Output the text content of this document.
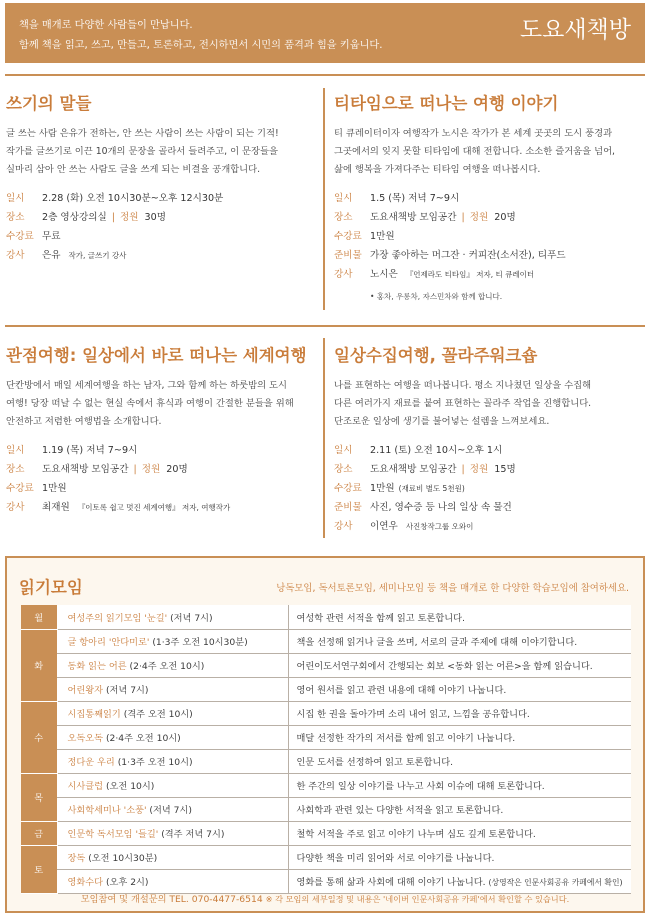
책을 매개로 다양한 사람들이 만납니다.
함께 책을 읽고, 쓰고, 만들고, 토론하고, 전시하면서 시민의 품격과 힘을 키웁니다.
도요새책방
쓰기의 말들
글 쓰는 사람 은유가 전하는, 안 쓰는 사람이 쓰는 사람이 되는 기적!
작가를 글쓰기로 이끈 10개의 문장을 골라서 들려주고, 이 문장들을
실마리 삼아 안 쓰는 사람도 글을 쓰게 되는 비결을 공개합니다.
일시	2.28 (화) 오전 10시30분~오후 12시30분
장소	2층 영상강의실 | 정원 30명
수강료 무료
강사	은유 작가, 글쓰기 강사
티타임으로 떠나는 여행 이야기
티 큐레이터이자 여행작가 노시은 작가가 본 세계 곳곳의 도시 풍경과
그곳에서의 잊지 못할 티타임에 대해 전합니다. 소소한 즐거움을 넘어,
삶에 행복을 가져다주는 티타임 여행을 떠나봅시다.
일시	1.5 (목) 저녁 7~9시
장소	도요새책방 모임공간 | 정원 20명
수강료 1만원
준비물 가장 좋아하는 머그잔 · 커피잔(소서잔), 티푸드
강사	노시은 『언제라도 티타임』 저자, 티 큐레이터
• 홍차, 우롱차, 자스민차와 함께 합니다.
관점여행: 일상에서 바로 떠나는 세계여행
단칸방에서 매일 세계여행을 하는 남자, 그와 함께 하는 하룻밤의 도시
여행! 당장 떠날 수 없는 현실 속에서 휴식과 여행이 간절한 분들을 위해
안전하고 저렴한 여행법을 소개합니다.
일시	1.19 (목) 저녁 7~9시
장소	도요새책방 모임공간 | 정원 20명
수강료 1만원
강사	최재원 『이토록 쉽고 멋진 세계여행』 저자, 여행작가
일상수집여행, 꼴라주워크숍
나를 표현하는 여행을 떠나봅니다. 평소 지나쳤던 일상을 수집해
다른 여러가지 재료를 붙여 표현하는 꼴라주 작업을 진행합니다.
단조로운 일상에 생기를 불어넣는 설렘을 느껴보세요.
일시	2.11 (토) 오전 10시~오후 1시
장소	도요새책방 모임공간 | 정원 15명
수강료 1만원 (재료비 별도 5천원)
준비물 사진, 영수증 등 나의 일상 속 물건
강사	이연우 사진창작그룹 오와이
읽기모임	낭독모임, 독서토론모임, 세미나모임 등 책을 매개로 한 다양한 학습모임에 참여하세요.
월	여성주의 읽기모임 '눈길' (저녁 7시)	여성학 관련 서적을 함께 읽고 토론합니다.
화	글 항아리 '안다미로' (1·3주 오전 10시30분)	책을 선정해 읽거나 글을 쓰며, 서로의 글과 주제에 대해 이야기합니다.
	동화 읽는 어른 (2·4주 오전 10시)	어린이도서연구회에서 간행되는 회보 <동화 읽는 어른>을 함께 읽습니다.
	어린왕자 (저녁 7시)	영어 원서를 읽고 관련 내용에 대해 이야기 나눕니다.
수	시집통째읽기 (격주 오전 10시)	시집 한 권을 돌아가며 소리 내어 읽고, 느낌을 공유합니다.
	오독오독 (2·4주 오전 10시)	매달 선정한 작가의 저서를 함께 읽고 이야기 나눕니다.
	정다운 우리 (1·3주 오전 10시)	인문 도서를 선정하여 읽고 토론합니다.
목	시사클럽 (오전 10시)	한 주간의 일상 이야기를 나누고 사회 이슈에 대해 토론합니다.
	사회학세미나 '소풍' (저녁 7시)	사회학과 관련 있는 다양한 서적을 읽고 토론합니다.
금	인문학 독서모임 '들길' (격주 저녁 7시)	철학 서적을 주로 읽고 이야기 나누며 심도 깊게 토론합니다.
토	장독 (오전 10시30분)	다양한 책을 미리 읽어와 서로 이야기를 나눕니다.
	영화수다 (오후 2시)	영화를 통해 삶과 사회에 대해 이야기 나눕니다. (상영작은 인문사회공유 카페에서 확인)
모임참여 및 개설문의 TEL. 070-4477-6514 ※ 각 모임의 세부일정 및 내용은 '네이버 인문사회공유 카페'에서 확인할 수 있습니다.
